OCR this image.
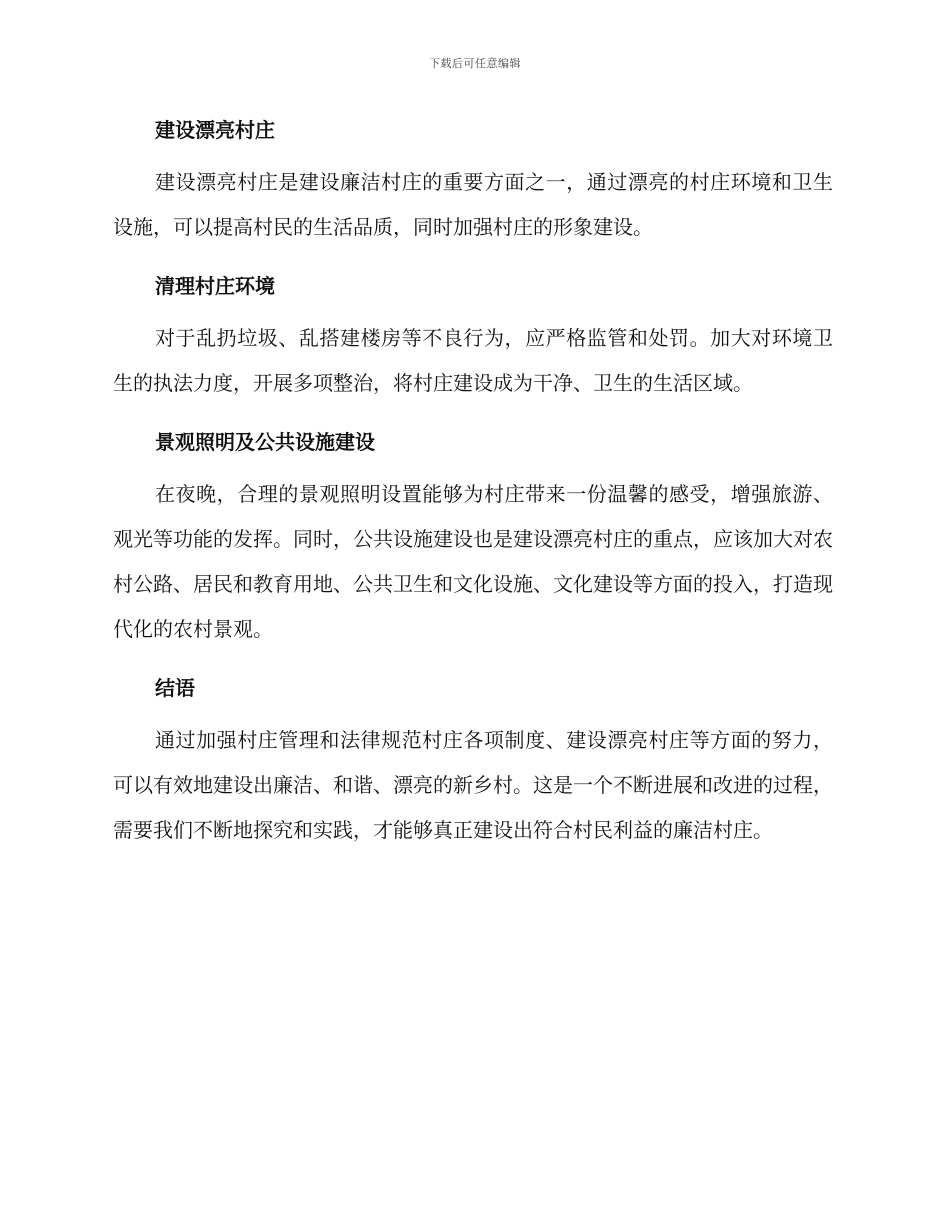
下载后可任意编辑
建设漂亮村庄

建设漂亮村庄是建设廉洁村庄的重要方面之一，通过漂亮的村庄环境和卫生设施，可以提高村民的生活品质，同时加强村庄的形象建设。

清理村庄环境

对于乱扔垃圾、乱搭建楼房等不良行为，应严格监管和处罚。加大对环境卫生的执法力度，开展多项整治，将村庄建设成为干净、卫生的生活区域。

景观照明及公共设施建设

在夜晚，合理的景观照明设置能够为村庄带来一份温馨的感受，增强旅游、观光等功能的发挥。同时，公共设施建设也是建设漂亮村庄的重点，应该加大对农村公路、居民和教育用地、公共卫生和文化设施、文化建设等方面的投入，打造现代化的农村景观。

结语

通过加强村庄管理和法律规范村庄各项制度、建设漂亮村庄等方面的努力，可以有效地建设出廉洁、和谐、漂亮的新乡村。这是一个不断进展和改进的过程，需要我们不断地探究和实践，才能够真正建设出符合村民利益的廉洁村庄。
